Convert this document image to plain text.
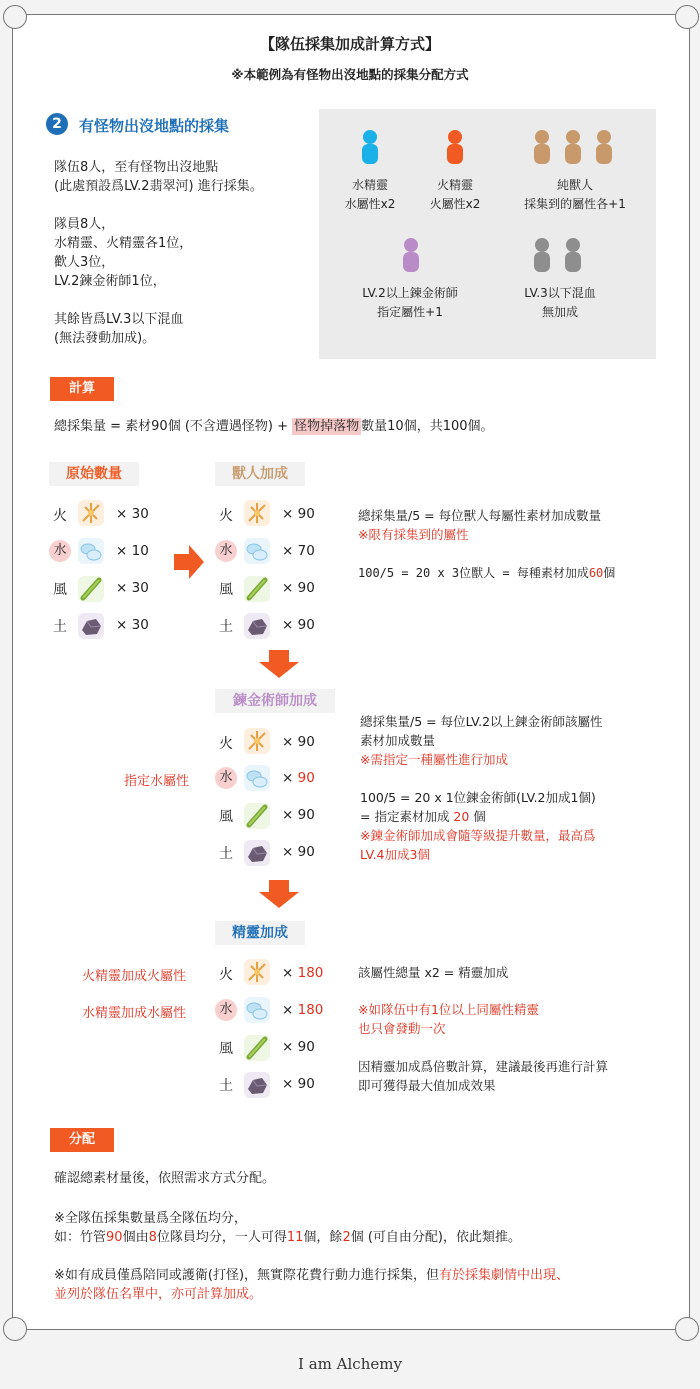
【隊伍採集加成計算方式】
※本範例為有怪物出沒地點的採集分配方式
2	有怪物出沒地點的採集
隊伍8人，至有怪物出沒地點
(此處預設爲LV.2翡翠河) 進行採集。
隊員8人，
水精靈、火精靈各1位，
歡人3位，
LV.2鍊金術師1位，
其餘皆爲LV.3以下混血
(無法發動加成)。
水精靈
水屬性x2
火精靈
火屬性x2
純獸人
採集到的屬性各+1
LV.2以上鍊金術師
指定屬性+1
LV.3以下混血
無加成
計算
總採集量 = 素材90個 (不含遭遇怪物) + 怪物掉落物 數量10個，共100個。
原始數量	獸人加成
火
水
風
土
× 30
× 10
× 30
× 30
火
水
風
土
× 90
× 70
× 90
× 90
總採集量/5 = 每位獸人每屬性素材加成數量
※限有採集到的屬性
100/5 = 20 x 3位獸人 = 每種素材加成60個
鍊金術師加成
火
水
風
土
指定水屬性
× 90
× 90
× 90
× 90
總採集量/5 = 每位LV.2以上鍊金術師該屬性
素材加成數量
※需指定一種屬性進行加成
100/5 = 20 x 1位鍊金術師(LV.2加成1個)
= 指定素材加成 20 個
※鍊金術師加成會隨等級提升數量，最高爲
LV.4加成3個
精靈加成
火精靈加成火屬性
水精靈加成水屬性
火
水
風
土
× 180
× 180
× 90
× 90
該屬性總量 x2 = 精靈加成
※如隊伍中有1位以上同屬性精靈
也只會發動一次
因精靈加成爲倍數計算，建議最後再進行計算
即可獲得最大值加成效果
分配
確認總素材量後，依照需求方式分配。
※全隊伍採集數量爲全隊伍均分，
如：竹管90個由8位隊員均分，一人可得11個，餘2個 (可自由分配)，依此類推。
※如有成員僅爲陪同或護衛(打怪)，無實際花費行動力進行採集，但有於採集劇情中出現、
並列於隊伍名單中，亦可計算加成。
I am Alchemy
